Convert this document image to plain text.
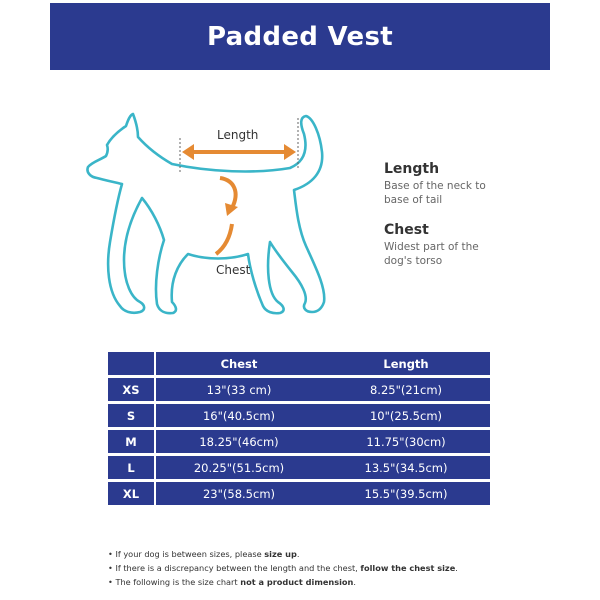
Padded Vest
Length
Chest
Length
Base of the neck to base of tail
Chest
Widest part of the dog's torso
	Chest	Length
XS	13"(33 cm)	8.25"(21cm)
S	16"(40.5cm)	10"(25.5cm)
M	18.25"(46cm)	11.75"(30cm)
L	20.25"(51.5cm)	13.5"(34.5cm)
XL	23"(58.5cm)	15.5"(39.5cm)
• If your dog is between sizes, please size up.
• If there is a discrepancy between the length and the chest, follow the chest size.
• The following is the size chart not a product dimension.
